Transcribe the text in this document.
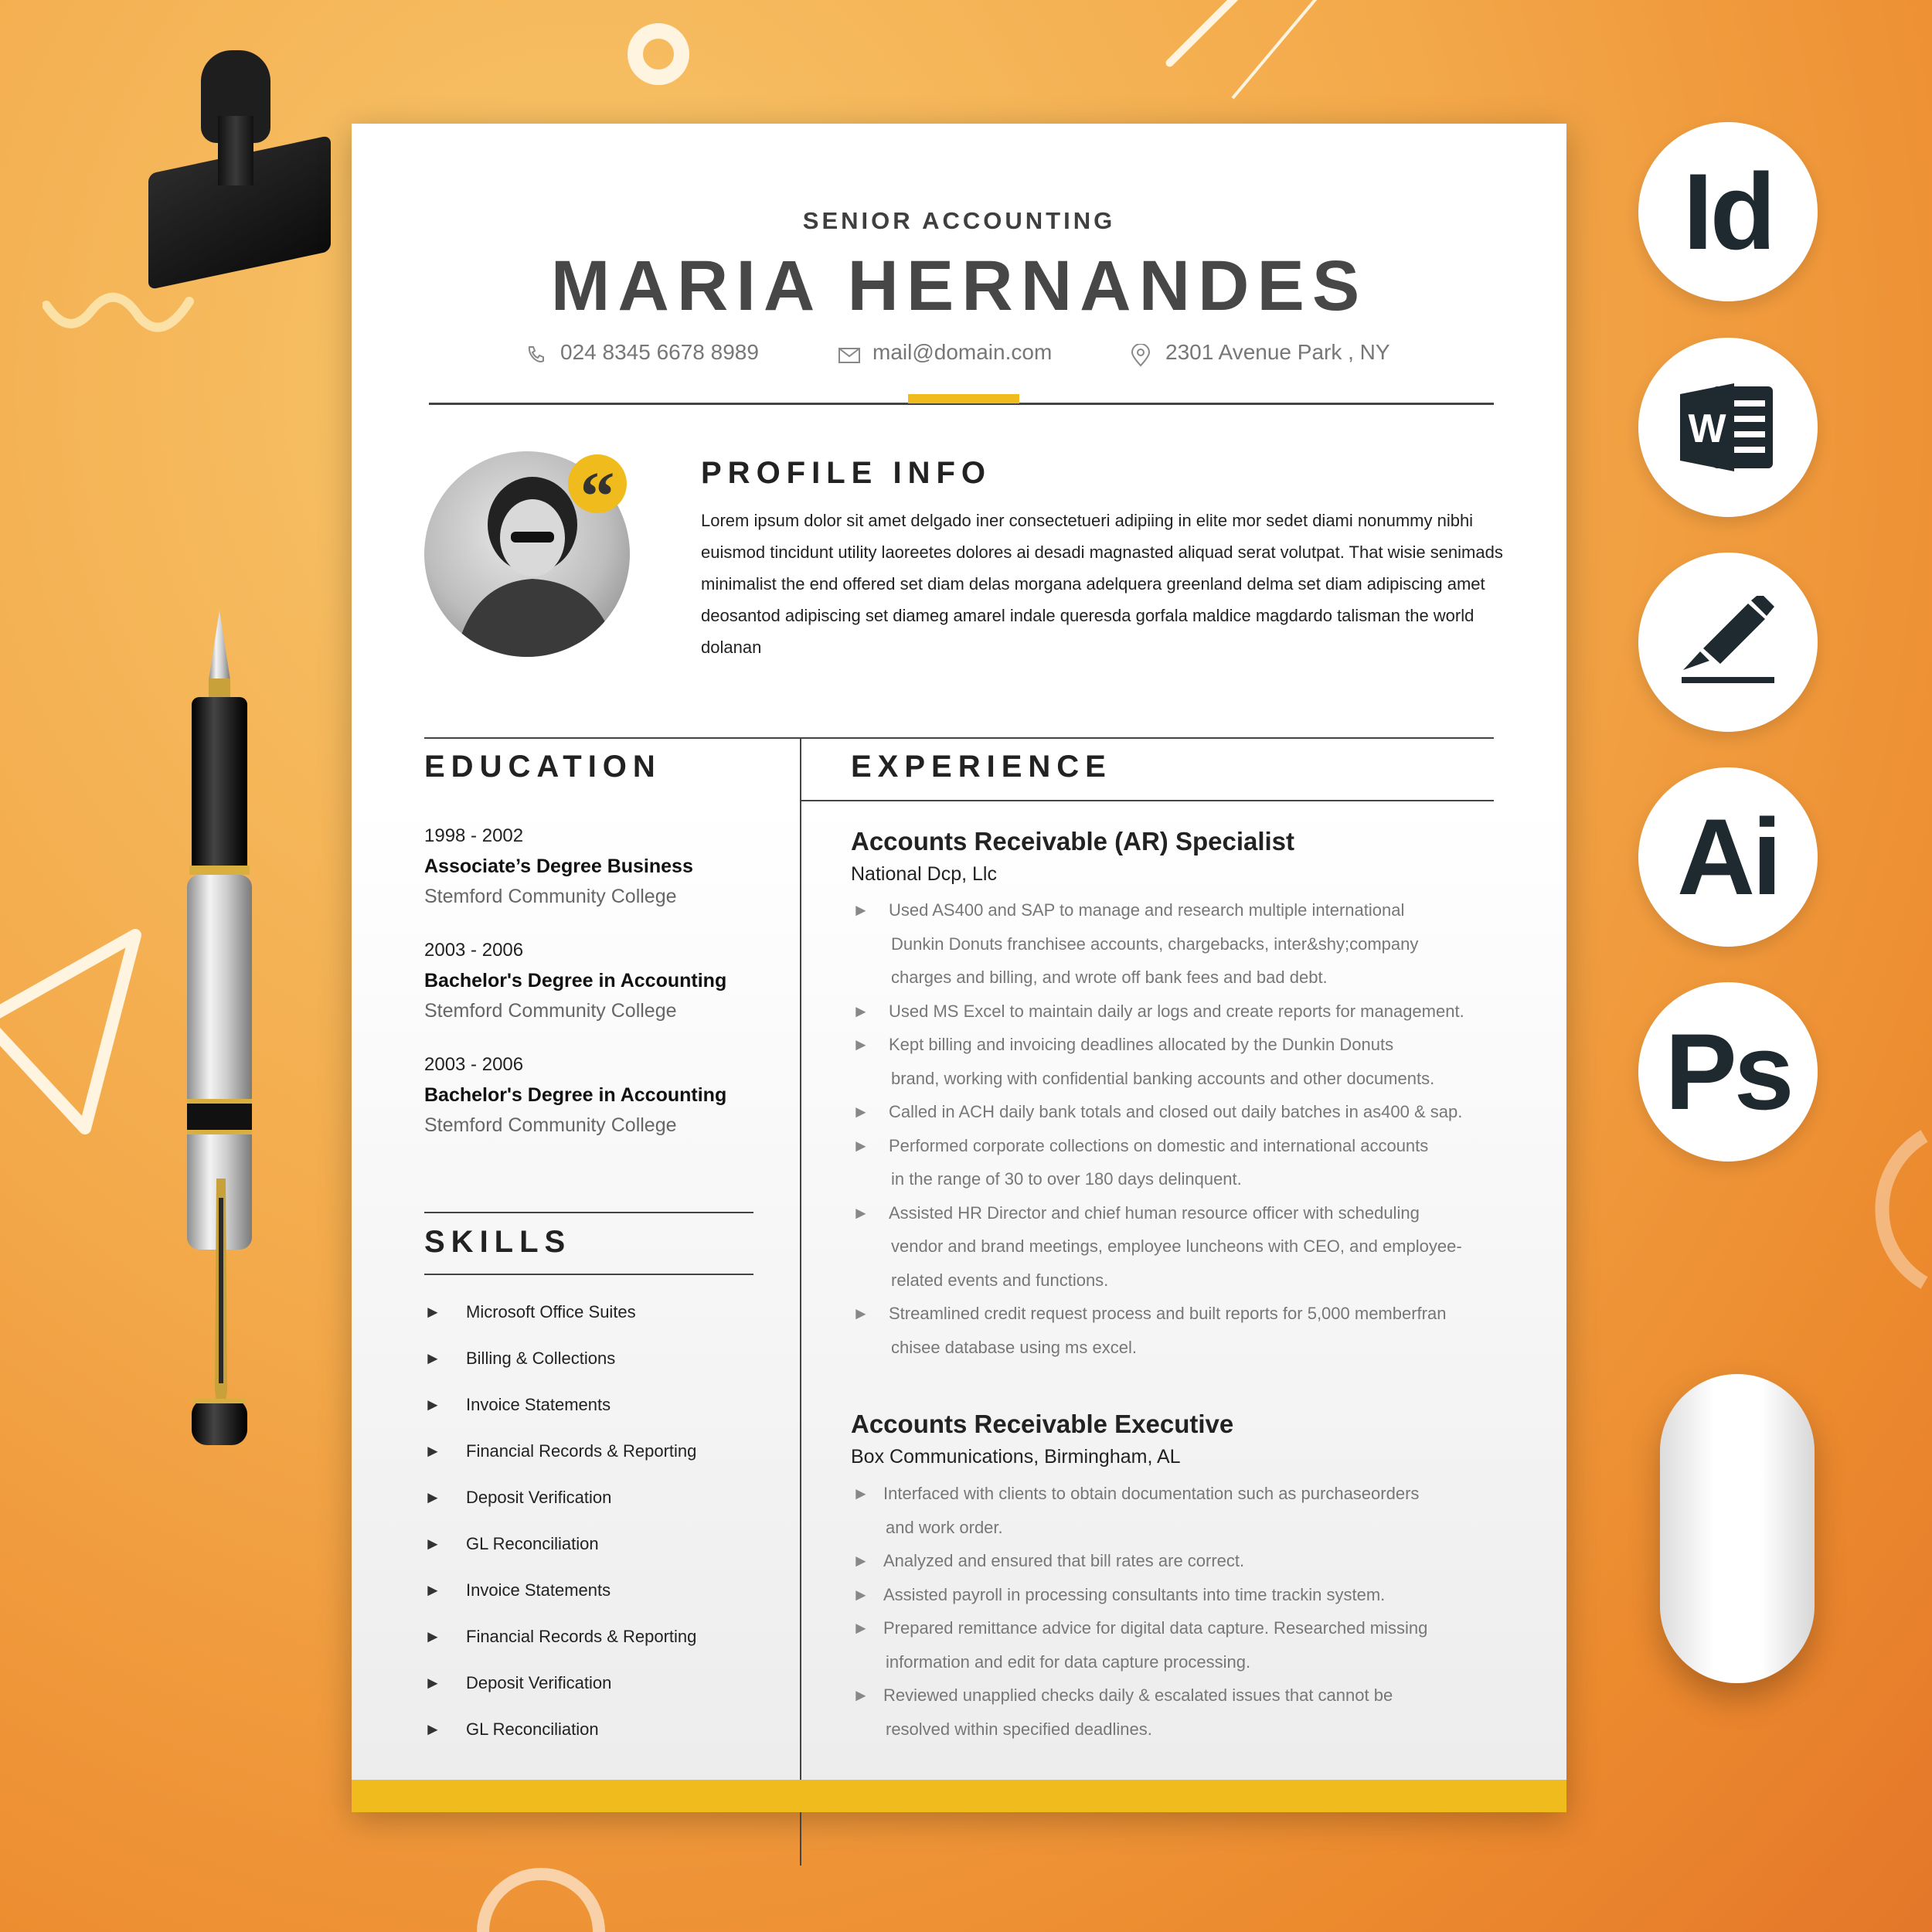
Id
W
Ai
Ps
SENIOR ACCOUNTING
MARIA HERNANDES
024 8345 6678 8989	mail@domain.com	2301 Avenue Park , NY
“	PROFILE INFO
Lorem ipsum dolor sit amet delgado iner consectetueri adipiing in elite mor sedet diami nonummy nibhi euismod tincidunt utility laoreetes dolores ai desadi magnasted aliquad serat volutpat. That wisie senimads minimalist the end offered set diam delas morgana adelquera greenland delma set diam adipiscing amet deosantod adipiscing set diameg amarel indale queresda gorfala maldice magdardo talisman the world dolanan
EDUCATION
1998 - 2002
Associate’s Degree Business
Stemford Community College
2003 - 2006
Bachelor's Degree in Accounting
Stemford Community College
2003 - 2006
Bachelor's Degree in Accounting
Stemford Community College
SKILLS
► Microsoft Office Suites
► Billing & Collections
► Invoice Statements
► Financial Records & Reporting
► Deposit Verification
► GL Reconciliation
► Invoice Statements
► Financial Records & Reporting
► Deposit Verification
► GL Reconciliation
EXPERIENCE
Accounts Receivable (AR) Specialist
National Dcp, Llc
► Used AS400 and SAP to manage and research multiple international
Dunkin Donuts franchisee accounts, chargebacks, inter&shy;company
charges and billing, and wrote off bank fees and bad debt.
► Used MS Excel to maintain daily ar logs and create reports for management.
► Kept billing and invoicing deadlines allocated by the Dunkin Donuts
brand, working with confidential banking accounts and other documents.
► Called in ACH daily bank totals and closed out daily batches in as400 & sap.
► Performed corporate collections on domestic and international accounts
in the range of 30 to over 180 days delinquent.
► Assisted HR Director and chief human resource officer with scheduling
vendor and brand meetings, employee luncheons with CEO, and employee-
related events and functions.
► Streamlined credit request process and built reports for 5,000 memberfran
chisee database using ms excel.
Accounts Receivable Executive
Box Communications, Birmingham, AL
► Interfaced with clients to obtain documentation such as purchaseorders
and work order.
► Analyzed and ensured that bill rates are correct.
► Assisted payroll in processing consultants into time trackin system.
► Prepared remittance advice for digital data capture. Researched missing
information and edit for data capture processing.
► Reviewed unapplied checks daily & escalated issues that cannot be
resolved within specified deadlines.
